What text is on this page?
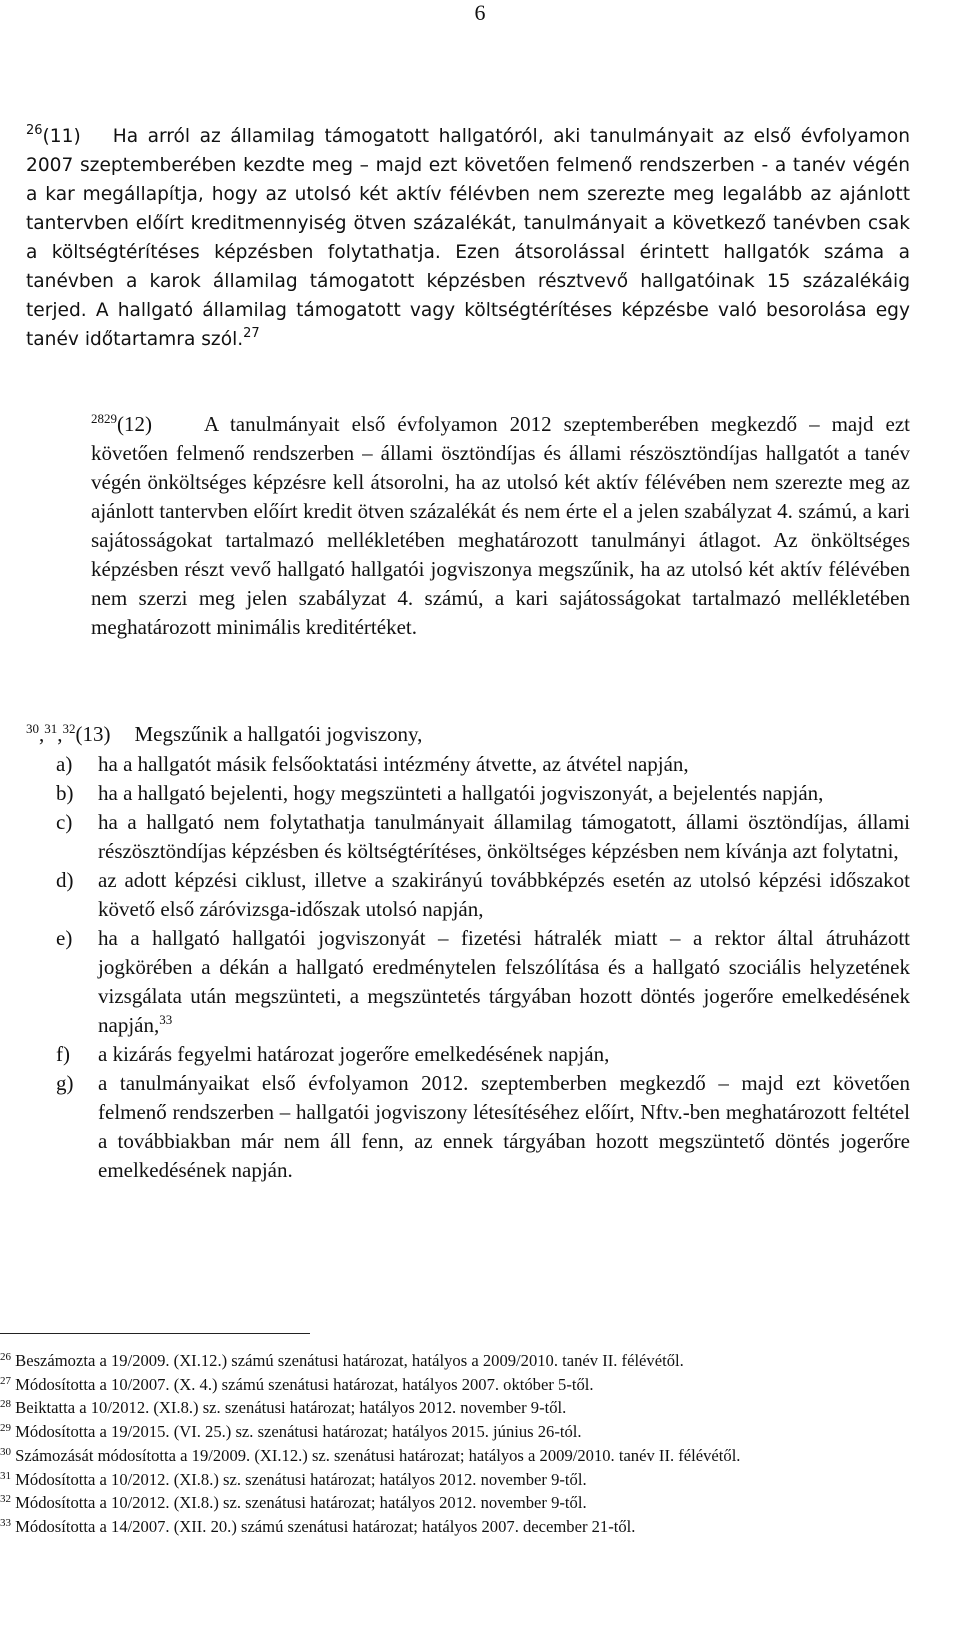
6
$^{26}$(11) Ha arról az államilag támogatott hallgatóról, aki tanulmányait az első évfolyamon 2007 szeptemberében kezdte meg – majd ezt követően felmenő rendszerben - a tanév végén a kar megállapítja, hogy az utolsó két aktív félévben nem szerezte meg legalább az ajánlott tantervben előírt kreditmennyiség ötven százalékát, tanulmányait a következő tanévben csak a költségtérítéses képzésben folytathatja. Ezen átsorolással érintett hallgatók száma a tanévben a karok államilag támogatott képzésben résztvevő hallgatóinak 15 százalékáig terjed. A hallgató államilag támogatott vagy költségtérítéses képzésbe való besorolása egy tanév időtartamra szól.$^{27}$
$^{2829}$(12) A tanulmányait első évfolyamon 2012 szeptemberében megkezdő – majd ezt követően felmenő rendszerben – állami ösztöndíjas és állami részösztöndíjas hallgatót a tanév végén önköltséges képzésre kell átsorolni, ha az utolsó két aktív félévében nem szerezte meg az ajánlott tantervben előírt kredit ötven százalékát és nem érte el a jelen szabályzat 4. számú, a kari sajátosságokat tartalmazó mellékletében meghatározott tanulmányi átlagot. Az önköltséges képzésben részt vevő hallgató hallgatói jogviszonya megszűnik, ha az utolsó két aktív félévében nem szerzi meg jelen szabályzat 4. számú, a kari sajátosságokat tartalmazó mellékletében meghatározott minimális kreditértéket.
$^{30}$,$^{31}$,$^{32}$(13) Megszűnik a hallgatói jogviszony,
a)	ha a hallgatót másik felsőoktatási intézmény átvette, az átvétel napján,
b)	ha a hallgató bejelenti, hogy megszünteti a hallgatói jogviszonyát, a bejelentés napján,
c)	ha a hallgató nem folytathatja tanulmányait államilag támogatott, állami ösztöndíjas, állami részösztöndíjas képzésben és költségtérítéses, önköltséges képzésben nem kívánja azt folytatni,
d)	az adott képzési ciklust, illetve a szakirányú továbbképzés esetén az utolsó képzési időszakot követő első záróvizsga-időszak utolsó napján,
e)	ha a hallgató hallgatói jogviszonyát – fizetési hátralék miatt – a rektor által átruházott jogkörében a dékán a hallgató eredménytelen felszólítása és a hallgató szociális helyzetének vizsgálata után megszünteti, a megszüntetés tárgyában hozott döntés jogerőre emelkedésének napján,$^{33}$
f)	a kizárás fegyelmi határozat jogerőre emelkedésének napján,
g)	a tanulmányaikat első évfolyamon 2012. szeptemberben megkezdő – majd ezt követően felmenő rendszerben – hallgatói jogviszony létesítéséhez előírt, Nftv.-ben meghatározott feltétel a továbbiakban már nem áll fenn, az ennek tárgyában hozott megszüntető döntés jogerőre emelkedésének napján.

$^{26}$ Beszámozta a 19/2009. (XI.12.) számú szenátusi határozat, hatályos a 2009/2010. tanév II. félévétől.

$^{27}$ Módosította a 10/2007. (X. 4.) számú szenátusi határozat, hatályos 2007. október 5-től.

$^{28}$ Beiktatta a 10/2012. (XI.8.) sz. szenátusi határozat; hatályos 2012. november 9-től.

$^{29}$ Módosította a 19/2015. (VI. 25.) sz. szenátusi határozat; hatályos 2015. június 26-tól.

$^{30}$ Számozását módosította a 19/2009. (XI.12.) sz. szenátusi határozat; hatályos a 2009/2010. tanév II. félévétől.

$^{31}$ Módosította a 10/2012. (XI.8.) sz. szenátusi határozat; hatályos 2012. november 9-től.

$^{32}$ Módosította a 10/2012. (XI.8.) sz. szenátusi határozat; hatályos 2012. november 9-től.

$^{33}$ Módosította a 14/2007. (XII. 20.) számú szenátusi határozat; hatályos 2007. december 21-től.
